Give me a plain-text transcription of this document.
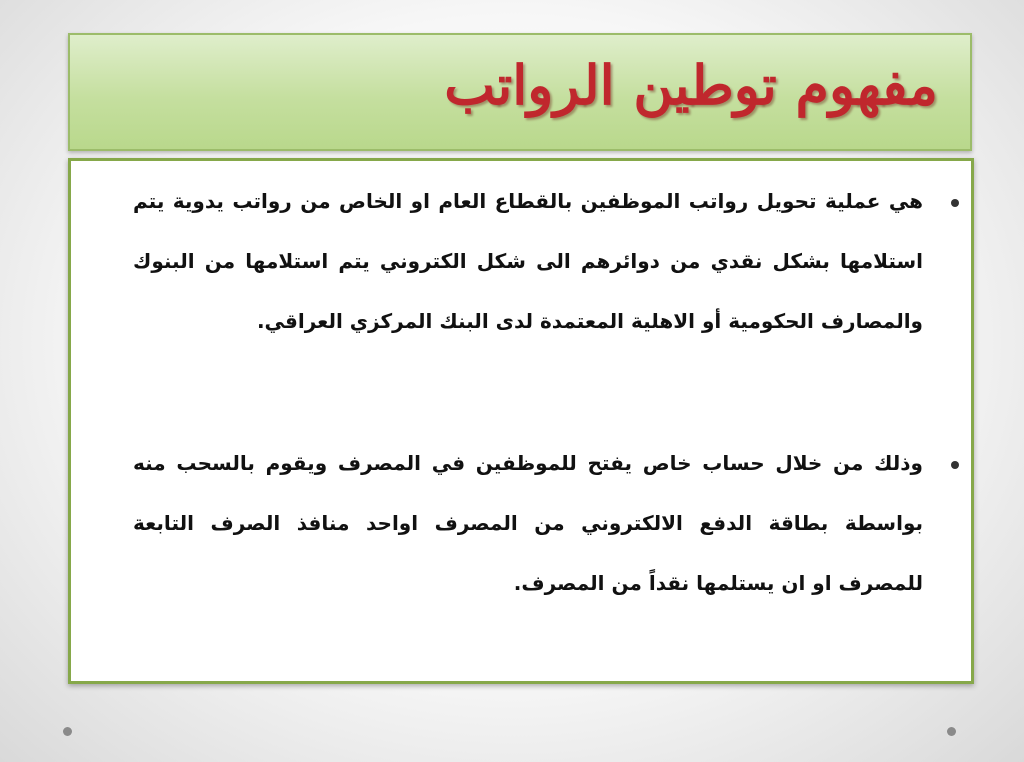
مفهوم توطين الرواتب
هي عملية تحويل رواتب الموظفين بالقطاع العام او الخاص من رواتب يدوية يتم استلامها بشكل نقدي من دوائرهم الى شكل الكتروني يتم استلامها من البنوك والمصارف الحكومية أو الاهلية المعتمدة لدى البنك المركزي العراقي.
وذلك من خلال حساب خاص يفتح للموظفين في المصرف ويقوم بالسحب منه بواسطة بطاقة الدفع الالكتروني من المصرف اواحد منافذ الصرف التابعة للمصرف او ان يستلمها نقداً من المصرف.
